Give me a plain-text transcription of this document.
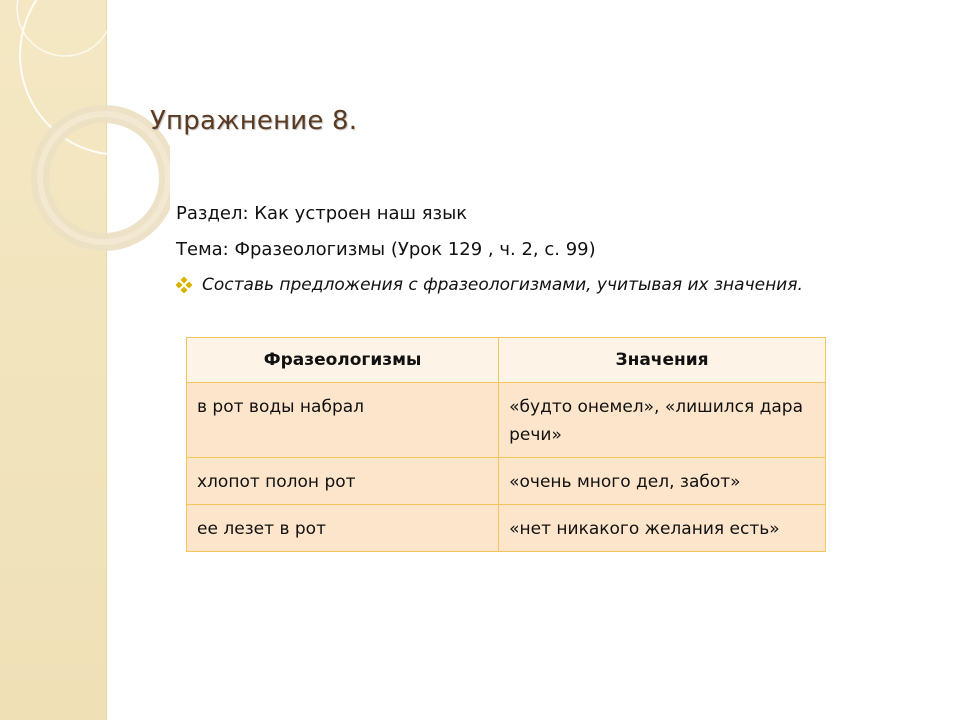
Упражнение 8.
Раздел: Как устроен наш язык
Тема: Фразеологизмы (Урок 129 , ч. 2, с. 99)
Составь предложения с фразеологизмами, учитывая их значения.
Фразеологизмы	Значения
в рот воды набрал	«будто онемел», «лишился дара речи»
хлопот полон рот	«очень много дел, забот»
ее лезет в рот	«нет никакого желания есть»
